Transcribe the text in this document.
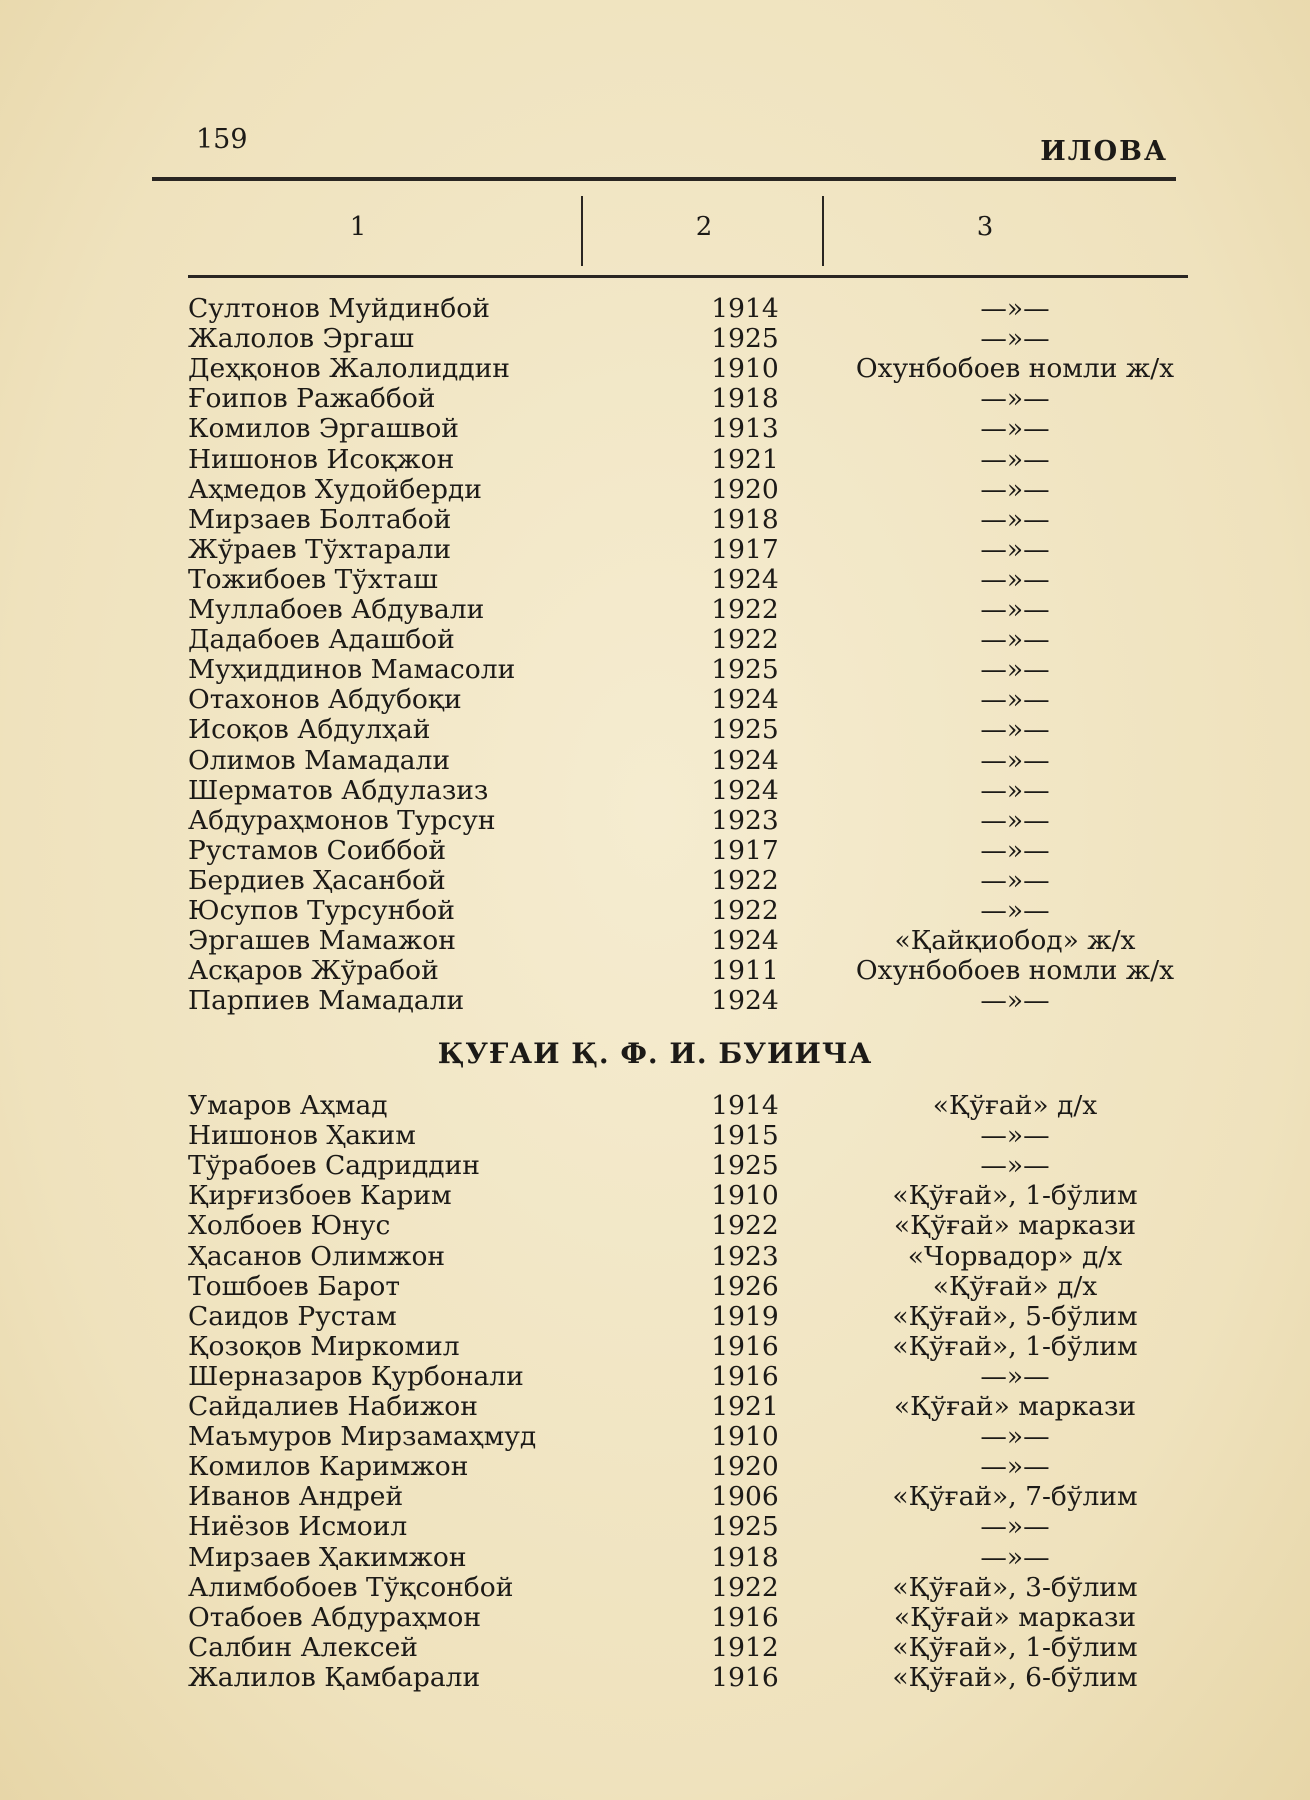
159	ИЛОВА
1	2	3
Султонов Муйдинбой	1914	—»—
Жалолов Эргаш	1925	—»—
Деҳқонов Жалолиддин	1910	Охунбобоев номли ж/х
Ғоипов Ражаббой	1918	—»—
Комилов Эргашвой	1913	—»—
Нишонов Исоқжон	1921	—»—
Аҳмедов Худойберди	1920	—»—
Мирзаев Болтабой	1918	—»—
Жўраев Тўхтарали	1917	—»—
Тожибоев Тўхташ	1924	—»—
Муллабоев Абдували	1922	—»—
Дадабоев Адашбой	1922	—»—
Муҳиддинов Мамасоли	1925	—»—
Отахонов Абдубоқи	1924	—»—
Исоқов Абдулҳай	1925	—»—
Олимов Мамадали	1924	—»—
Шерматов Абдулазиз	1924	—»—
Абдураҳмонов Турсун	1923	—»—
Рустамов Соиббой	1917	—»—
Бердиев Ҳасанбой	1922	—»—
Юсупов Турсунбой	1922	—»—
Эргашев Мамажон	1924	«Қайқиобод» ж/х
Асқаров Жўрабой	1911	Охунбобоев номли ж/х
Парпиев Мамадали	1924	—»—
ҚУҒАИ Қ. Ф. И. БУИИЧА
Умаров Аҳмад	1914	«Қўғай» д/х
Нишонов Ҳаким	1915	—»—
Тўрабоев Садриддин	1925	—»—
Қирғизбоев Карим	1910	«Қўғай», 1-бўлим
Холбоев Юнус	1922	«Қўғай» маркази
Ҳасанов Олимжон	1923	«Чорвадор» д/х
Тошбоев Барот	1926	«Қўғай» д/х
Саидов Рустам	1919	«Қўғай», 5-бўлим
Қозоқов Миркомил	1916	«Қўғай», 1-бўлим
Шерназаров Қурбонали	1916	—»—
Сайдалиев Набижон	1921	«Қўғай» маркази
Маъмуров Мирзамаҳмуд	1910	—»—
Комилов Каримжон	1920	—»—
Иванов Андрей	1906	«Қўғай», 7-бўлим
Ниёзов Исмоил	1925	—»—
Мирзаев Ҳакимжон	1918	—»—
Алимбобоев Тўқсонбой	1922	«Қўғай», 3-бўлим
Отабоев Абдураҳмон	1916	«Қўғай» маркази
Салбин Алексей	1912	«Қўғай», 1-бўлим
Жалилов Қамбарали	1916	«Қўғай», 6-бўлим
